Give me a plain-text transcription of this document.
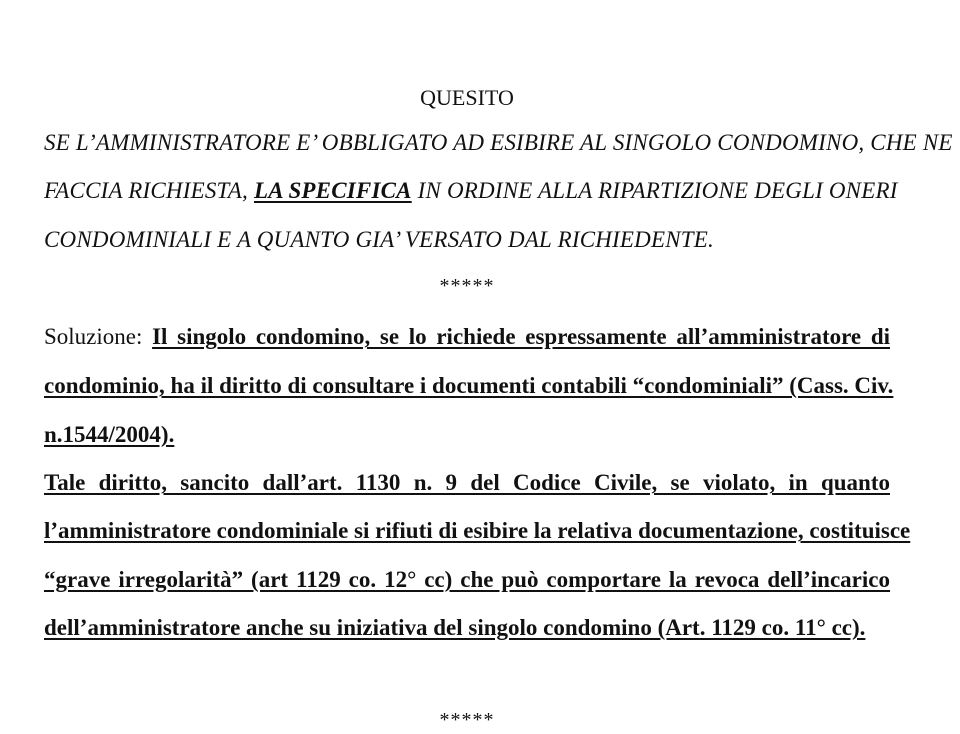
QUESITO
SE L’AMMINISTRATORE E’ OBBLIGATO AD ESIBIRE AL SINGOLO CONDOMINO, CHE NE
FACCIA RICHIESTA, LA SPECIFICA IN ORDINE ALLA RIPARTIZIONE DEGLI ONERI
CONDOMINIALI E A QUANTO GIA’ VERSATO DAL RICHIEDENTE.
*****
Soluzione: Il singolo condomino, se lo richiede espressamente all’amministratore di
condominio, ha il diritto di consultare i documenti contabili “condominiali” (Cass. Civ.
n.1544/2004).
Tale diritto, sancito dall’art. 1130 n. 9 del Codice Civile, se violato, in quanto
l’amministratore condominiale si rifiuti di esibire la relativa documentazione, costituisce
“grave irregolarità” (art 1129 co. 12° cc) che può comportare la revoca dell’incarico
dell’amministratore anche su iniziativa del singolo condomino (Art. 1129 co. 11° cc).
*****
